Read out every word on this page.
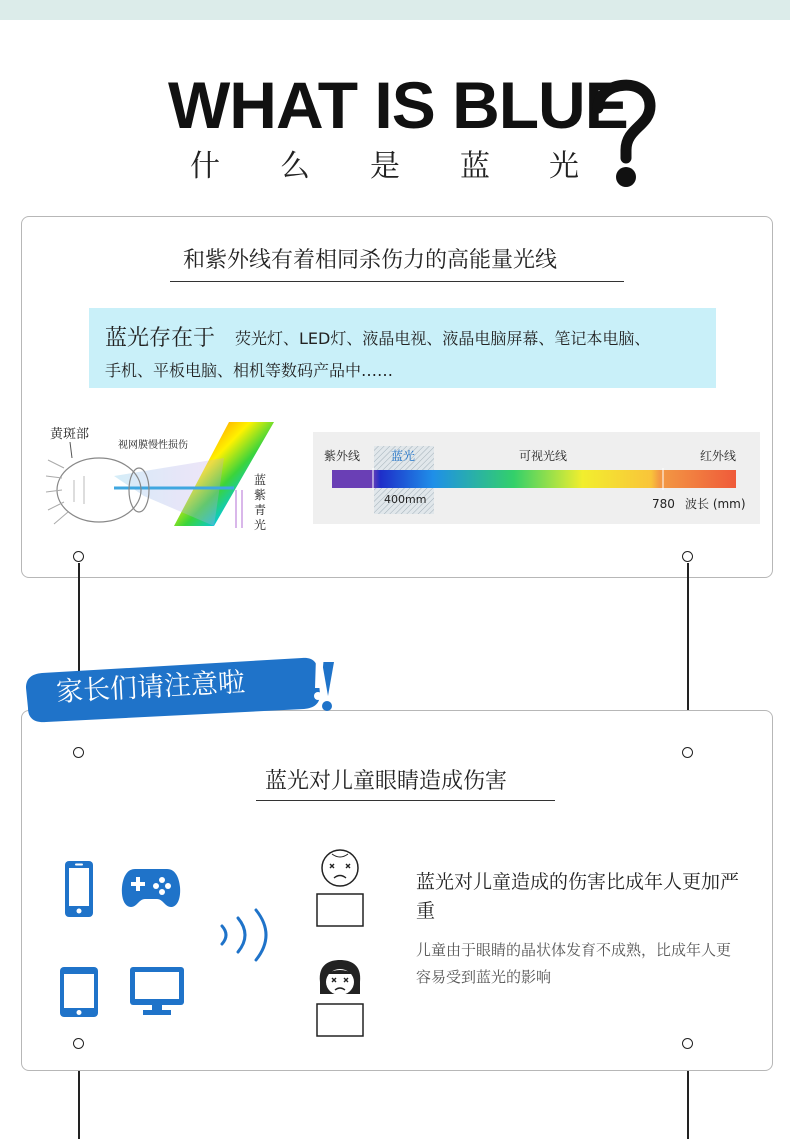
WHAT IS BLUE
什 么 是 蓝 光
和紫外线有着相同杀伤力的高能量光线
蓝光存在于 荧光灯、LED灯、液晶电视、液晶电脑屏幕、笔记本电脑、
手机、平板电脑、相机等数码产品中……
黄斑部
视网膜慢性损伤
蓝
紫
青
光
紫外线	蓝光	可视光线	红外线
400mm	780 波长 (mm)
家长们请注意啦
蓝光对儿童眼睛造成伤害
蓝光对儿童造成的伤害比成年人更加严重
儿童由于眼睛的晶状体发育不成熟，比成年人更容易受到蓝光的影响
